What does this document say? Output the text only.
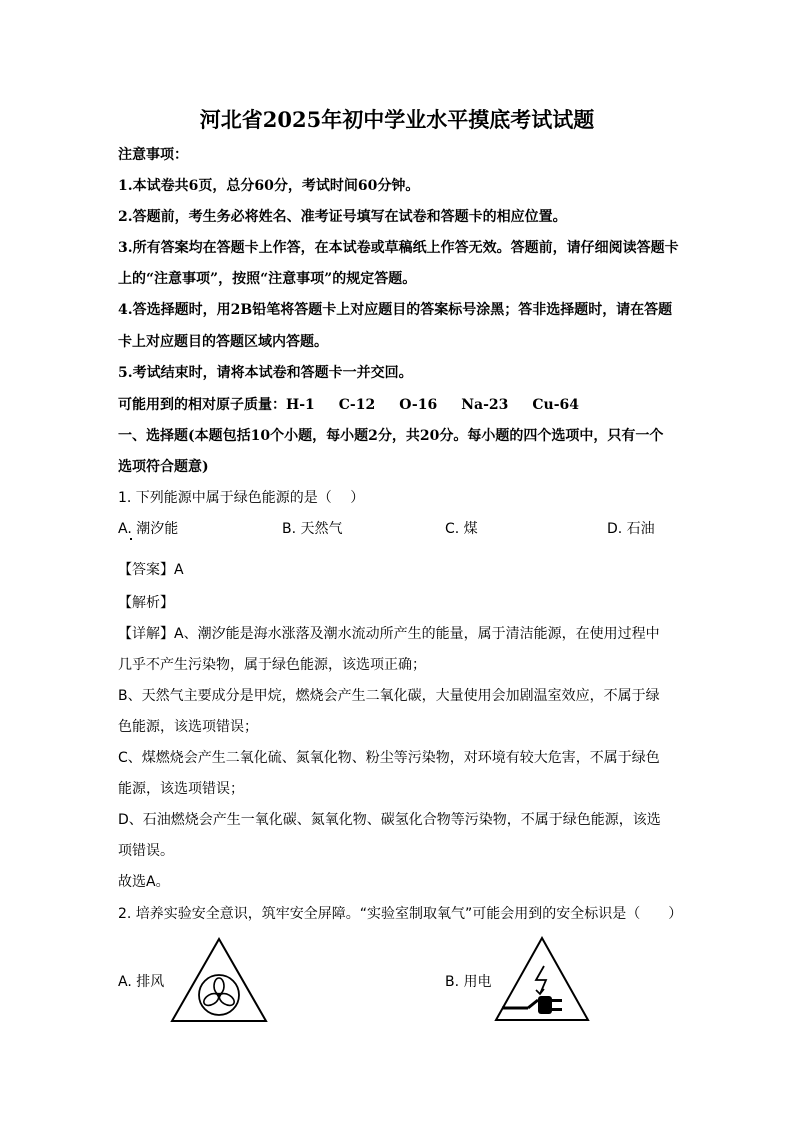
河北省2025年初中学业水平摸底考试试题
注意事项：
1.本试卷共6页，总分60分，考试时间60分钟。
2.答题前，考生务必将姓名、准考证号填写在试卷和答题卡的相应位置。
3.所有答案均在答题卡上作答，在本试卷或草稿纸上作答无效。答题前，请仔细阅读答题卡
上的“注意事项”，按照“注意事项”的规定答题。
4.答选择题时，用2B铅笔将答题卡上对应题目的答案标号涂黑；答非选择题时，请在答题
卡上对应题目的答题区域内答题。
5.考试结束时，请将本试卷和答题卡一并交回。
可能用到的相对原子质量：H-1 C-12 O-16 Na-23 Cu-64
一、选择题(本题包括10个小题，每小题2分，共20分。每小题的四个选项中，只有一个
选项符合题意)
1. 下列能源中属于绿色能源的是（　 ）
A. 潮汐能	B. 天然气	C. 煤	D. 石油
【答案】A
【解析】
【详解】A、潮汐能是海水涨落及潮水流动所产生的能量，属于清洁能源，在使用过程中
几乎不产生污染物，属于绿色能源，该选项正确；
B、天然气主要成分是甲烷，燃烧会产生二氧化碳，大量使用会加剧温室效应，不属于绿
色能源，该选项错误；
C、煤燃烧会产生二氧化硫、氮氧化物、粉尘等污染物，对环境有较大危害，不属于绿色
能源，该选项错误；
D、石油燃烧会产生一氧化碳、氮氧化物、碳氢化合物等污染物，不属于绿色能源，该选
项错误。
故选A。
2. 培养实验安全意识，筑牢安全屏障。“实验室制取氧气”可能会用到的安全标识是（　　）
A. 排风	B. 用电
